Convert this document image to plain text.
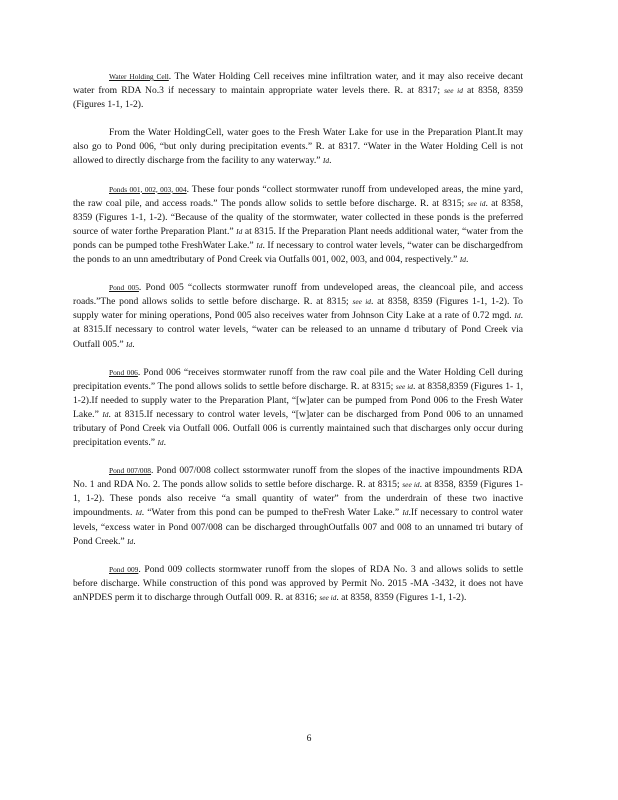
Water Holding Cell. The Water Holding Cell receives mine infiltration water, and it may also receive decant water from RDA No.3 if necessary to maintain appropriate water levels there. R. at 8317; see id at 8358, 8359 (Figures 1-1, 1-2).

From the Water HoldingCell, water goes to the Fresh Water Lake for use in the Preparation Plant.It may also go to Pond 006, “but only during precipitation events.” R. at 8317. “Water in the Water Holding Cell is not allowed to directly discharge from the facility to any waterway.” Id.

Ponds 001, 002, 003, 004. These four ponds “collect stormwater runoff from undeveloped areas, the mine yard, the raw coal pile, and access roads.” The ponds allow solids to settle before discharge. R. at 8315; see id. at 8358, 8359 (Figures 1-1, 1-2). “Because of the quality of the stormwater, water collected in these ponds is the preferred source of water forthe Preparation Plant.” Id at 8315. If the Preparation Plant needs additional water, “water from the ponds can be pumped tothe FreshWater Lake.” Id. If necessary to control water levels, “water can be dischargedfrom the ponds to an unn amedtributary of Pond Creek via Outfalls 001, 002, 003, and 004, respectively.” Id.

Pond 005. Pond 005 “collects stormwater runoff from undeveloped areas, the cleancoal pile, and access roads.”The pond allows solids to settle before discharge. R. at 8315; see id. at 8358, 8359 (Figures 1-1, 1-2). To supply water for mining operations, Pond 005 also receives water from Johnson City Lake at a rate of 0.72 mgd. Id. at 8315.If necessary to control water levels, “water can be released to an unname d tributary of Pond Creek via Outfall 005.” Id.

Pond 006. Pond 006 “receives stormwater runoff from the raw coal pile and the Water Holding Cell during precipitation events.” The pond allows solids to settle before discharge. R. at 8315; see id. at 8358,8359 (Figures 1- 1, 1-2).If needed to supply water to the Preparation Plant, “[w]ater can be pumped from Pond 006 to the Fresh Water Lake.” Id. at 8315.If necessary to control water levels, “[w]ater can be discharged from Pond 006 to an unnamed tributary of Pond Creek via Outfall 006. Outfall 006 is currently maintained such that discharges only occur during precipitation events.” Id.

Pond 007/008. Pond 007/008 collect sstormwater runoff from the slopes of the inactive impoundments RDA No. 1 and RDA No. 2. The ponds allow solids to settle before discharge. R. at 8315; see id. at 8358, 8359 (Figures 1-1, 1-2). These ponds also receive “a small quantity of water” from the underdrain of these two inactive impoundments. Id. “Water from this pond can be pumped to theFresh Water Lake.” Id.If necessary to control water levels, “excess water in Pond 007/008 can be discharged throughOutfalls 007 and 008 to an unnamed tri butary of Pond Creek.” Id.

Pond 009. Pond 009 collects stormwater runoff from the slopes of RDA No. 3 and allows solids to settle before discharge. While construction of this pond was approved by Permit No. 2015 -MA -3432, it does not have anNPDES perm it to discharge through Outfall 009. R. at 8316; see id. at 8358, 8359 (Figures 1-1, 1-2).

6
